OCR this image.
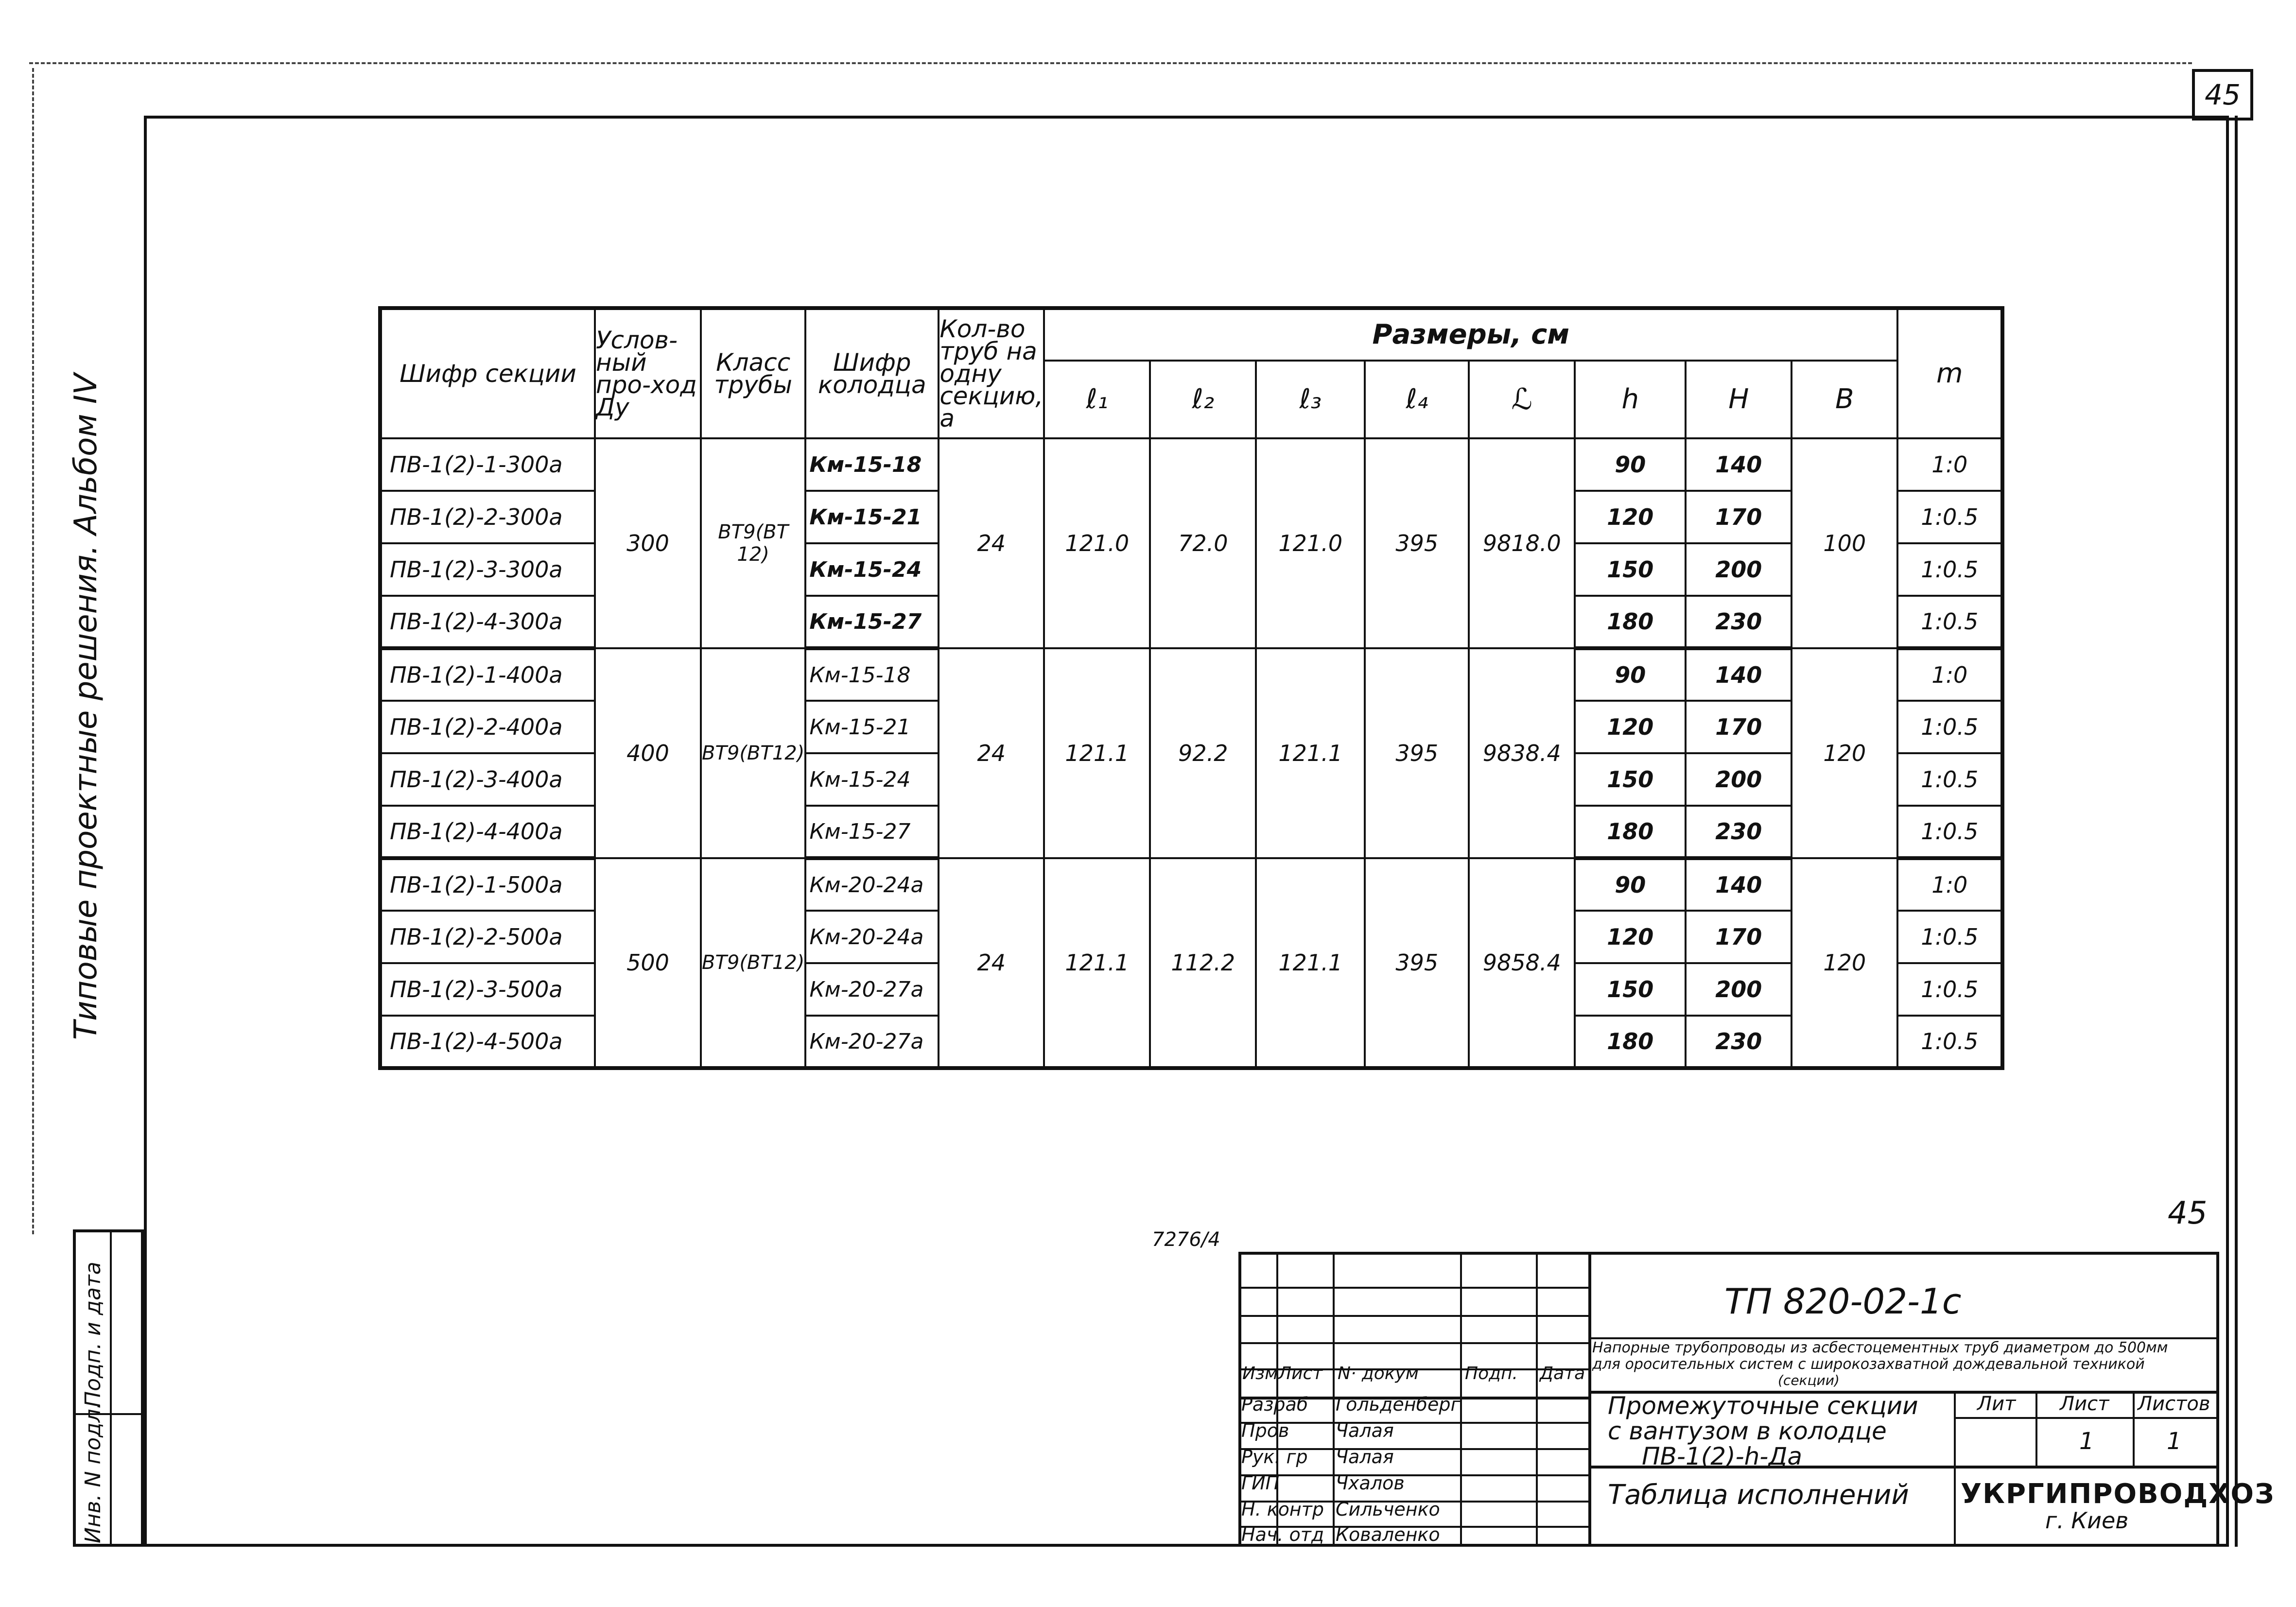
45
Типовые проектные решения. Альбом IV
Подп. и дата
Инв. N подл.
Шифр секции	Услов-ный про-ход Ду	Класс трубы	Шифр колодца	Кол-во труб на одну секцию, а	Размеры, см								m
					ℓ₁	ℓ₂	ℓ₃	ℓ₄	ℒ	h	H	B	
ПВ-1(2)-1-300а	300	ВТ9(ВТ 12)	Км-15-18	24	121.0	72.0	121.0	395	9818.0	90	140	100	1:0
ПВ-1(2)-2-300а			Км-15-21							120	170		1:0.5
ПВ-1(2)-3-300а			Км-15-24							150	200		1:0.5
ПВ-1(2)-4-300а			Км-15-27							180	230		1:0.5
ПВ-1(2)-1-400а	400	ВТ9(ВТ12)	Км-15-18	24	121.1	92.2	121.1	395	9838.4	90	140	120	1:0
ПВ-1(2)-2-400а			Км-15-21							120	170		1:0.5
ПВ-1(2)-3-400а			Км-15-24							150	200		1:0.5
ПВ-1(2)-4-400а			Км-15-27							180	230		1:0.5
ПВ-1(2)-1-500а	500	ВТ9(ВТ12)	Км-20-24а	24	121.1	112.2	121.1	395	9858.4	90	140	120	1:0
ПВ-1(2)-2-500а			Км-20-24а							120	170		1:0.5
ПВ-1(2)-3-500а			Км-20-27а							150	200		1:0.5
ПВ-1(2)-4-500а			Км-20-27а							180	230		1:0.5
45
7276/4
Изм Лист N· докум	Подп. Дата
Разраб Гольденберг
Пров	Чалая
Рук. гр Чалая
ГИП	Чхалов
Н. контр Сильченко
Нач. отд Коваленко
ТП 820-02-1с
Напорные трубопроводы из асбестоцементных труб диаметром до 500мм
для оросительных систем с широкозахватной дождевальной техникой
(секции)
Промежуточные секции
с вантузом в колодце
ПВ-1(2)-h-Да
Таблица исполнений
Лит Лист Листов
1	1
УКРГИПРОВОДХОЗ
г. Киев
